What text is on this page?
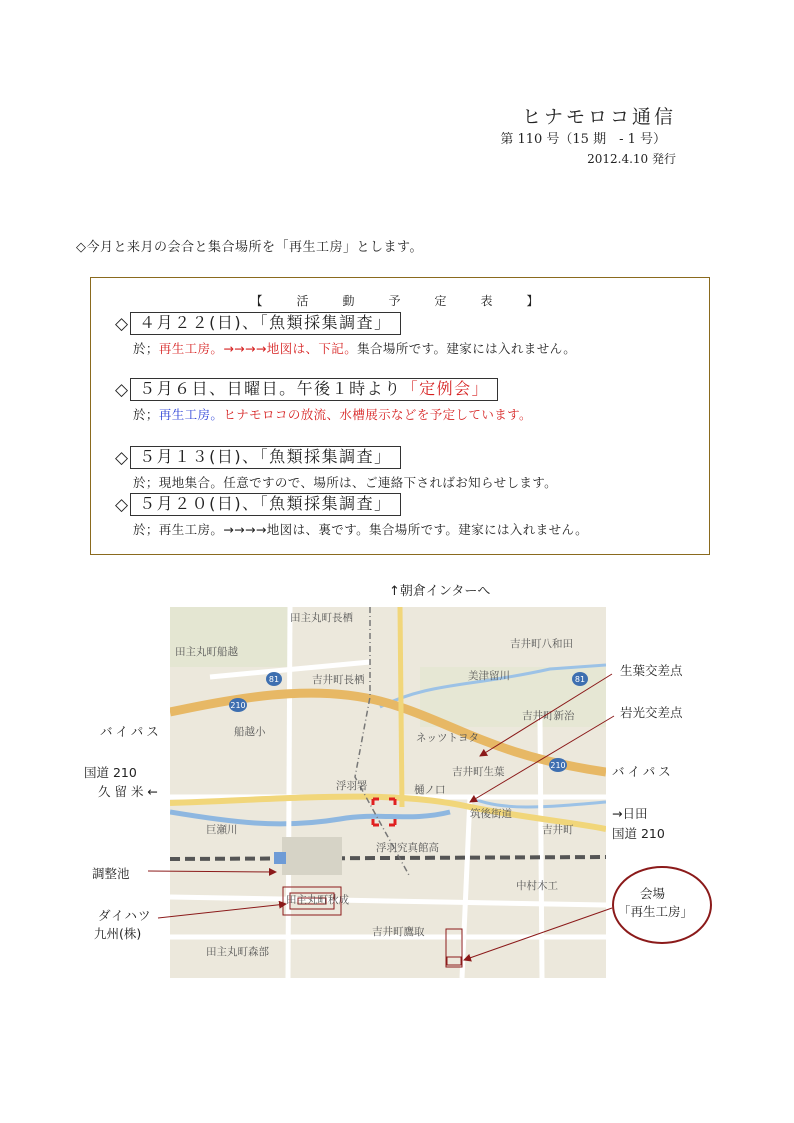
ヒナモロコ通信
第 110 号（15 期　- 1 号）
2012.4.10 発行
◇今月と来月の会合と集合場所を「再生工房」とします。
【　活　動　予　定　表　】
◇ ４月２２(日)、「魚類採集調査」
於；再生工房。→→→→地図は、下記。集合場所です。建家には入れません。
◇ ５月６日、日曜日。午後１時より「定例会」
於；再生工房。ヒナモロコの放流、水槽展示などを予定しています。
◇ ５月１３(日)、「魚類採集調査」
於；現地集合。任意ですので、場所は、ご連絡下さればお知らせします。
◇ ５月２０(日)、「魚類採集調査」
於；再生工房。→→→→地図は、裏です。集合場所です。建家には入れません。
↑朝倉インターへ
210
81	81
210
田主丸町長栖
田主丸町船越
吉井町八和田
吉井町長栖	美津留川
吉井町新治
船越小	ネッツトヨタ
浮羽署
吉井町生葉
樋ノ口
筑後街道
巨瀬川	吉井町
浮羽究真館高
中村木工
田主丸町秋成
吉井町鷹取
田主丸町森部
生葉交差点
岩光交差点
バイパス
バイパス
国道 210
久 留 米 ←
→日田
国道 210
調整池
ダイハツ
九州(株)
会場
「再生工房」
